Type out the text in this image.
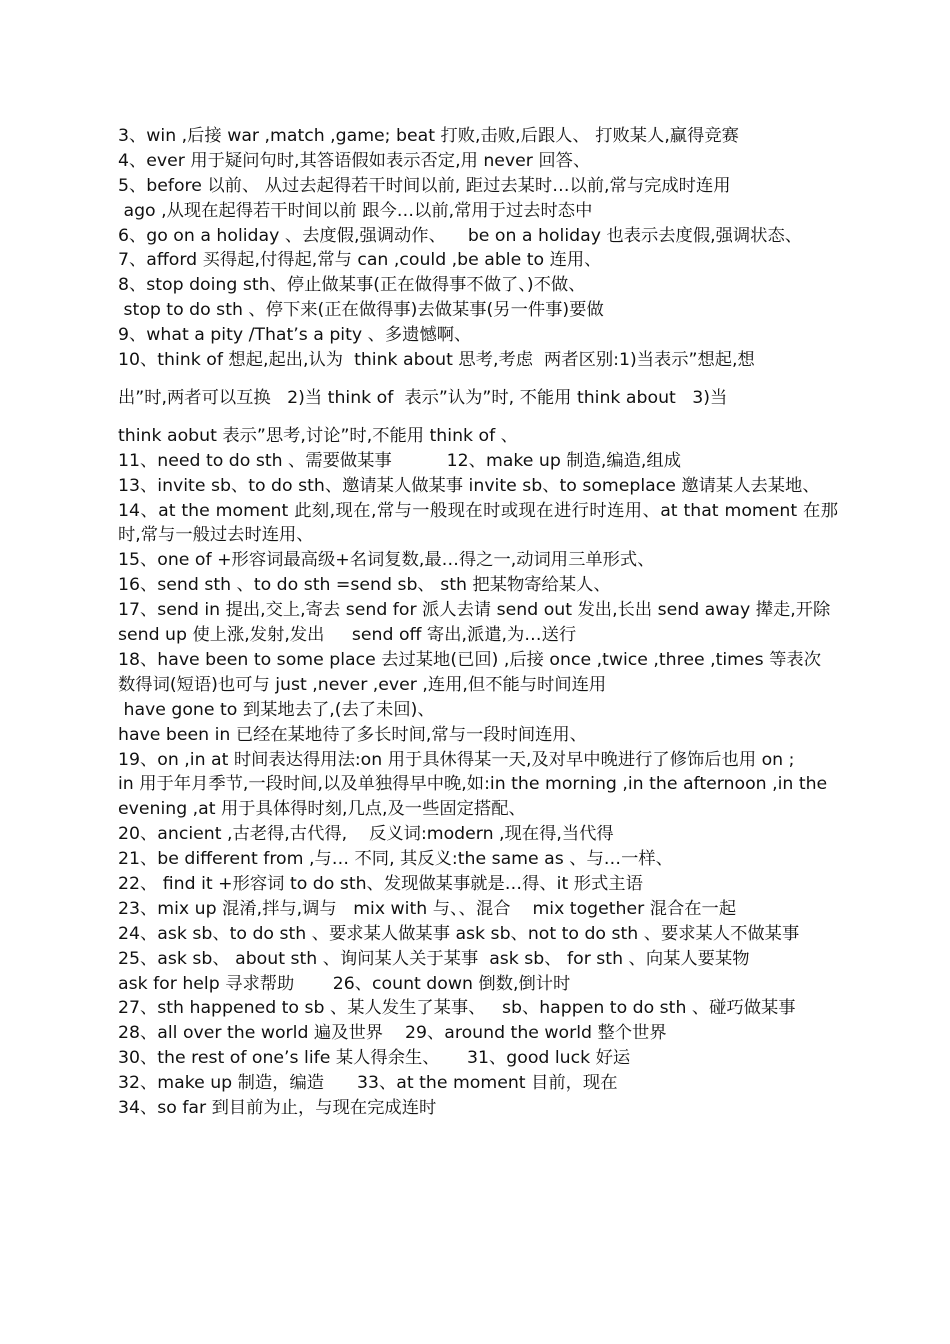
3、win ,后接 war ,match ,game; beat 打败,击败,后跟人、 打败某人,赢得竞赛

4、ever 用于疑问句时,其答语假如表示否定,用 never 回答、

5、before 以前、 从过去起得若干时间以前, 距过去某时…以前,常与完成时连用

ago ,从现在起得若干时间以前 跟今…以前,常用于过去时态中

6、go on a holiday 、去度假,强调动作、    be on a holiday 也表示去度假,强调状态、

7、afford 买得起,付得起,常与 can ,could ,be able to 连用、

8、stop doing sth、停止做某事(正在做得事不做了、)不做、

stop to do sth 、停下来(正在做得事)去做某事(另一件事)要做

9、what a pity /That’s a pity 、多遗憾啊、

10、think of 想起,起出,认为  think about 思考,考虑  两者区别:1)当表示”想起,想

出”时,两者可以互换   2)当 think of  表示”认为”时, 不能用 think about   3)当

think aobut 表示”思考,讨论”时,不能用 think of 、

11、need to do sth 、需要做某事          12、make up 制造,编造,组成

13、invite sb、to do sth、邀请某人做某事 invite sb、to someplace 邀请某人去某地、

14、at the moment 此刻,现在,常与一般现在时或现在进行时连用、at that moment 在那时,常与一般过去时连用、

15、one of +形容词最高级+名词复数,最…得之一,动词用三单形式、

16、send sth 、to do sth =send sb、 sth 把某物寄给某人、

17、send in 提出,交上,寄去 send for 派人去请 send out 发出,长出 send away 撵走,开除

send up 使上涨,发射,发出     send off 寄出,派遣,为…送行

18、have been to some place 去过某地(已回) ,后接 once ,twice ,three ,times 等表次数得词(短语)也可与 just ,never ,ever ,连用,但不能与时间连用

have gone to 到某地去了,(去了未回)、

have been in 已经在某地待了多长时间,常与一段时间连用、

19、on ,in at 时间表达得用法:on 用于具休得某一天,及对早中晚进行了修饰后也用 on ;

in 用于年月季节,一段时间,以及单独得早中晚,如:in the morning ,in the afternoon ,in the evening ,at 用于具体得时刻,几点,及一些固定搭配、

20、ancient ,古老得,古代得,    反义词:modern ,现在得,当代得

21、be different from ,与… 不同, 其反义:the same as 、与…一样、

22、 find it +形容词 to do sth、发现做某事就是…得、it 形式主语

23、mix up 混淆,拌与,调与   mix with 与、、混合    mix together 混合在一起

24、ask sb、to do sth 、要求某人做某事 ask sb、not to do sth 、要求某人不做某事

25、ask sb、 about sth 、询问某人关于某事  ask sb、 for sth 、向某人要某物

ask for help 寻求帮助       26、count down 倒数,倒计时

27、sth happened to sb 、某人发生了某事、   sb、happen to do sth 、碰巧做某事

28、all over the world 遍及世界    29、around the world 整个世界

30、the rest of one’s life 某人得余生、     31、good luck 好运

32、make up 制造，编造      33、at the moment 目前，现在

34、so far 到目前为止，与现在完成连时
